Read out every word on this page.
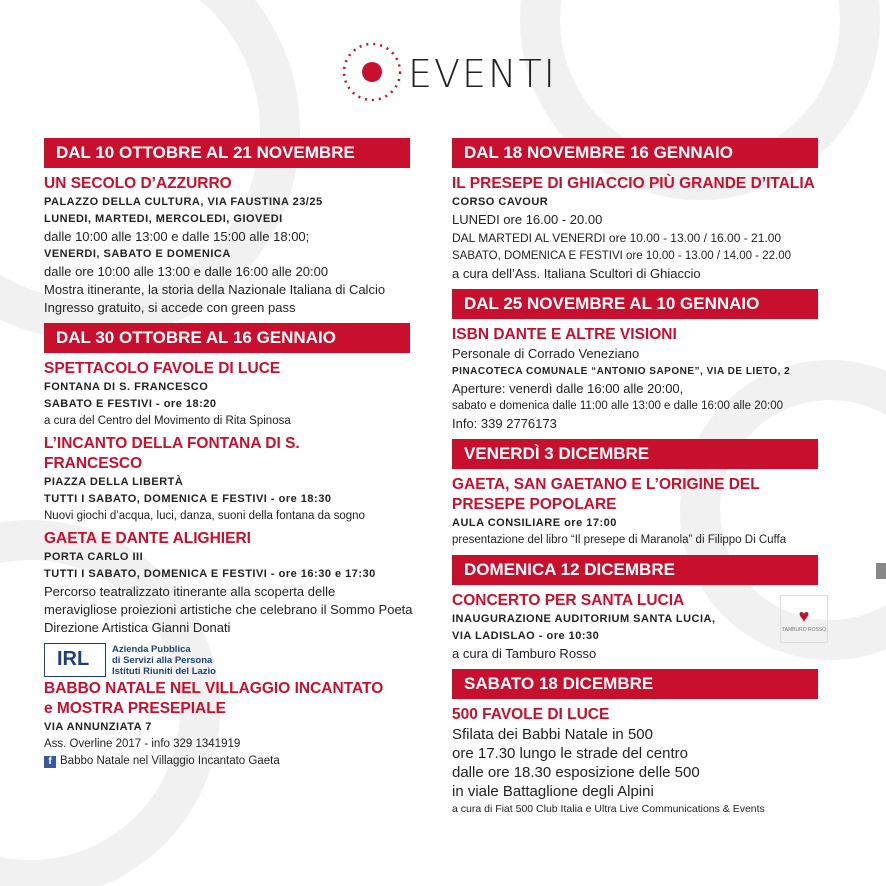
EVENTI
DAL 10 OTTOBRE AL 21 NOVEMBRE
UN SECOLO D’AZZURRO
PALAZZO DELLA CULTURA, VIA FAUSTINA 23/25
LUNEDI, MARTEDI, MERCOLEDI, GIOVEDI
dalle 10:00 alle 13:00 e dalle 15:00 alle 18:00;
VENERDI, SABATO E DOMENICA
dalle ore 10:00 alle 13:00 e dalle 16:00 alle 20:00
Mostra itinerante, la storia della Nazionale Italiana di Calcio
Ingresso gratuito, si accede con green pass
DAL 30 OTTOBRE AL 16 GENNAIO
SPETTACOLO FAVOLE DI LUCE
FONTANA DI S. FRANCESCO
SABATO E FESTIVI - ore 18:20
a cura del Centro del Movimento di Rita Spinosa
L’INCANTO DELLA FONTANA DI S. FRANCESCO
PIAZZA DELLA LIBERTÀ
TUTTI I SABATO, DOMENICA E FESTIVI - ore 18:30
Nuovi giochi d’acqua, luci, danza, suoni della fontana da sogno
GAETA E DANTE ALIGHIERI
PORTA CARLO III
TUTTI I SABATO, DOMENICA E FESTIVI - ore 16:30 e 17:30
Percorso teatralizzato itinerante alla scoperta delle
meravigliose proiezioni artistiche che celebrano il Sommo Poeta
Direzione Artistica Gianni Donati
IRL Azienda Pubblica
di Servizi alla Persona
Istituti Riuniti del Lazio
BABBO NATALE NEL VILLAGGIO INCANTATO
e MOSTRA PRESEPIALE
VIA ANNUNZIATA 7
Ass. Overline 2017 - info 329 1341919
f Babbo Natale nel Villaggio Incantato Gaeta
DAL 18 NOVEMBRE 16 GENNAIO
IL PRESEPE DI GHIACCIO PIÙ GRANDE D’ITALIA
CORSO CAVOUR
LUNEDI ore 16.00 - 20.00
DAL MARTEDI AL VENERDI ore 10.00 - 13.00 / 16.00 - 21.00
SABATO, DOMENICA E FESTIVI ore 10.00 - 13.00 / 14.00 - 22.00
a cura dell’Ass. Italiana Scultori di Ghiaccio
DAL 25 NOVEMBRE AL 10 GENNAIO
ISBN DANTE E ALTRE VISIONI
Personale di Corrado Veneziano
PINACOTECA COMUNALE “ANTONIO SAPONE”, VIA DE LIETO, 2
Aperture: venerdì dalle 16:00 alle 20:00,
sabato e domenica dalle 11:00 alle 13:00 e dalle 16:00 alle 20:00
Info: 339 2776173
VENERDÌ 3 DICEMBRE
GAETA, SAN GAETANO E L’ORIGINE DEL PRESEPE POPOLARE
AULA CONSILIARE ore 17:00
presentazione del libro “Il presepe di Maranola” di Filippo Di Cuffa
DOMENICA 12 DICEMBRE
CONCERTO PER SANTA LUCIA
INAUGURAZIONE AUDITORIUM SANTA LUCIA,
VIA LADISLAO - ore 10:30
a cura di Tamburo Rosso
♥
TAMBURO ROSSO
SABATO 18 DICEMBRE
500 FAVOLE DI LUCE
Sfilata dei Babbi Natale in 500
ore 17.30 lungo le strade del centro
dalle ore 18.30 esposizione delle 500
in viale Battaglione degli Alpini
a cura di Fiat 500 Club Italia e Ultra Live Communications & Events
